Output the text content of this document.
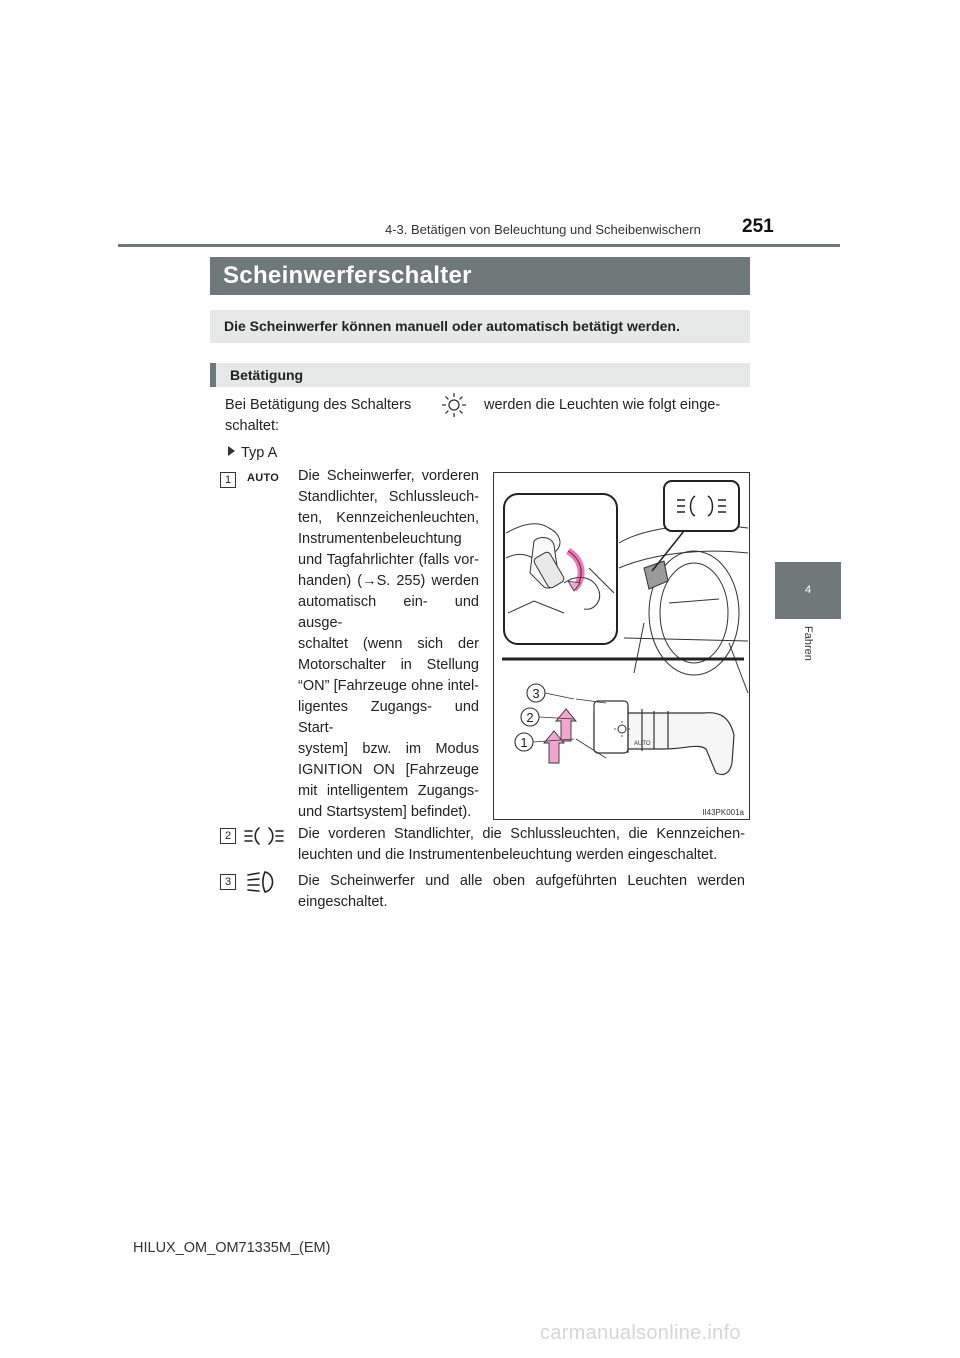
4-3. Betätigen von Beleuchtung und Scheibenwischern 251
4
Fahren
Scheinwerferschalter
Die Scheinwerfer können manuell oder automatisch betätigt werden.
Betätigung
Bei Betätigung des Schalters	werden die Leuchten wie folgt einge-
schaltet:
Typ A
1	AUTO Die Scheinwerfer, vorderen

Standlichter, Schlussleuch-

ten, Kennzeichenleuchten,

Instrumentenbeleuchtung

und Tagfahrlichter (falls vor-

handen) (→S. 255) werden

automatisch ein- und ausge-

schaltet (wenn sich der

Motorschalter in Stellung

“ON” [Fahrzeuge ohne intel-

ligentes Zugangs- und Start-

system] bzw. im Modus

IGNITION ON [Fahrzeuge

mit intelligentem Zugangs-

und Startsystem] befindet).

AUTO
3
2
1
II43PK001a
2	Die vorderen Standlichter, die Schlussleuchten, die Kennzeichen-leuchten und die Instrumentenbeleuchtung werden eingeschaltet.
3	Die Scheinwerfer und alle oben aufgeführten Leuchten werden eingeschaltet.
HILUX_OM_OM71335M_(EM)
carmanualsonline.info
